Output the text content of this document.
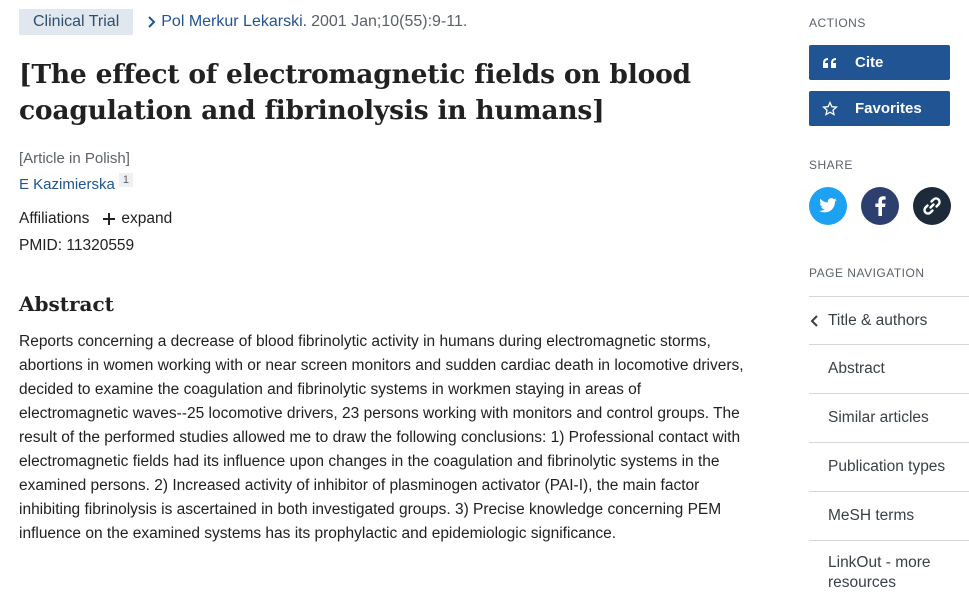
Clinical Trial	Pol Merkur Lekarski. 2001 Jan;10(55):9-11.
[The effect of electromagnetic fields on blood coagulation and fibrinolysis in humans]
[Article in Polish]
E Kazimierska 1
Affiliations expand
PMID: 11320559
Abstract

Reports concerning a decrease of blood fibrinolytic activity in humans during electromagnetic storms, abortions in women working with or near screen monitors and sudden cardiac death in locomotive drivers, decided to examine the coagulation and fibrinolytic systems in workmen staying in areas of electromagnetic waves--25 locomotive drivers, 23 persons working with monitors and control groups. The result of the performed studies allowed me to draw the following conclusions: 1) Professional contact with electromagnetic fields had its influence upon changes in the coagulation and fibrinolytic systems in the examined persons. 2) Increased activity of inhibitor of plasminogen activator (PAI-I), the main factor inhibiting fibrinolysis is ascertained in both investigated groups. 3) Precise knowledge concerning PEM influence on the examined systems has its prophylactic and epidemiologic significance.

ACTIONS
Cite
Favorites
SHARE
PAGE NAVIGATION
Title & authors
Abstract
Similar articles
Publication types
MeSH terms
LinkOut - more resources
